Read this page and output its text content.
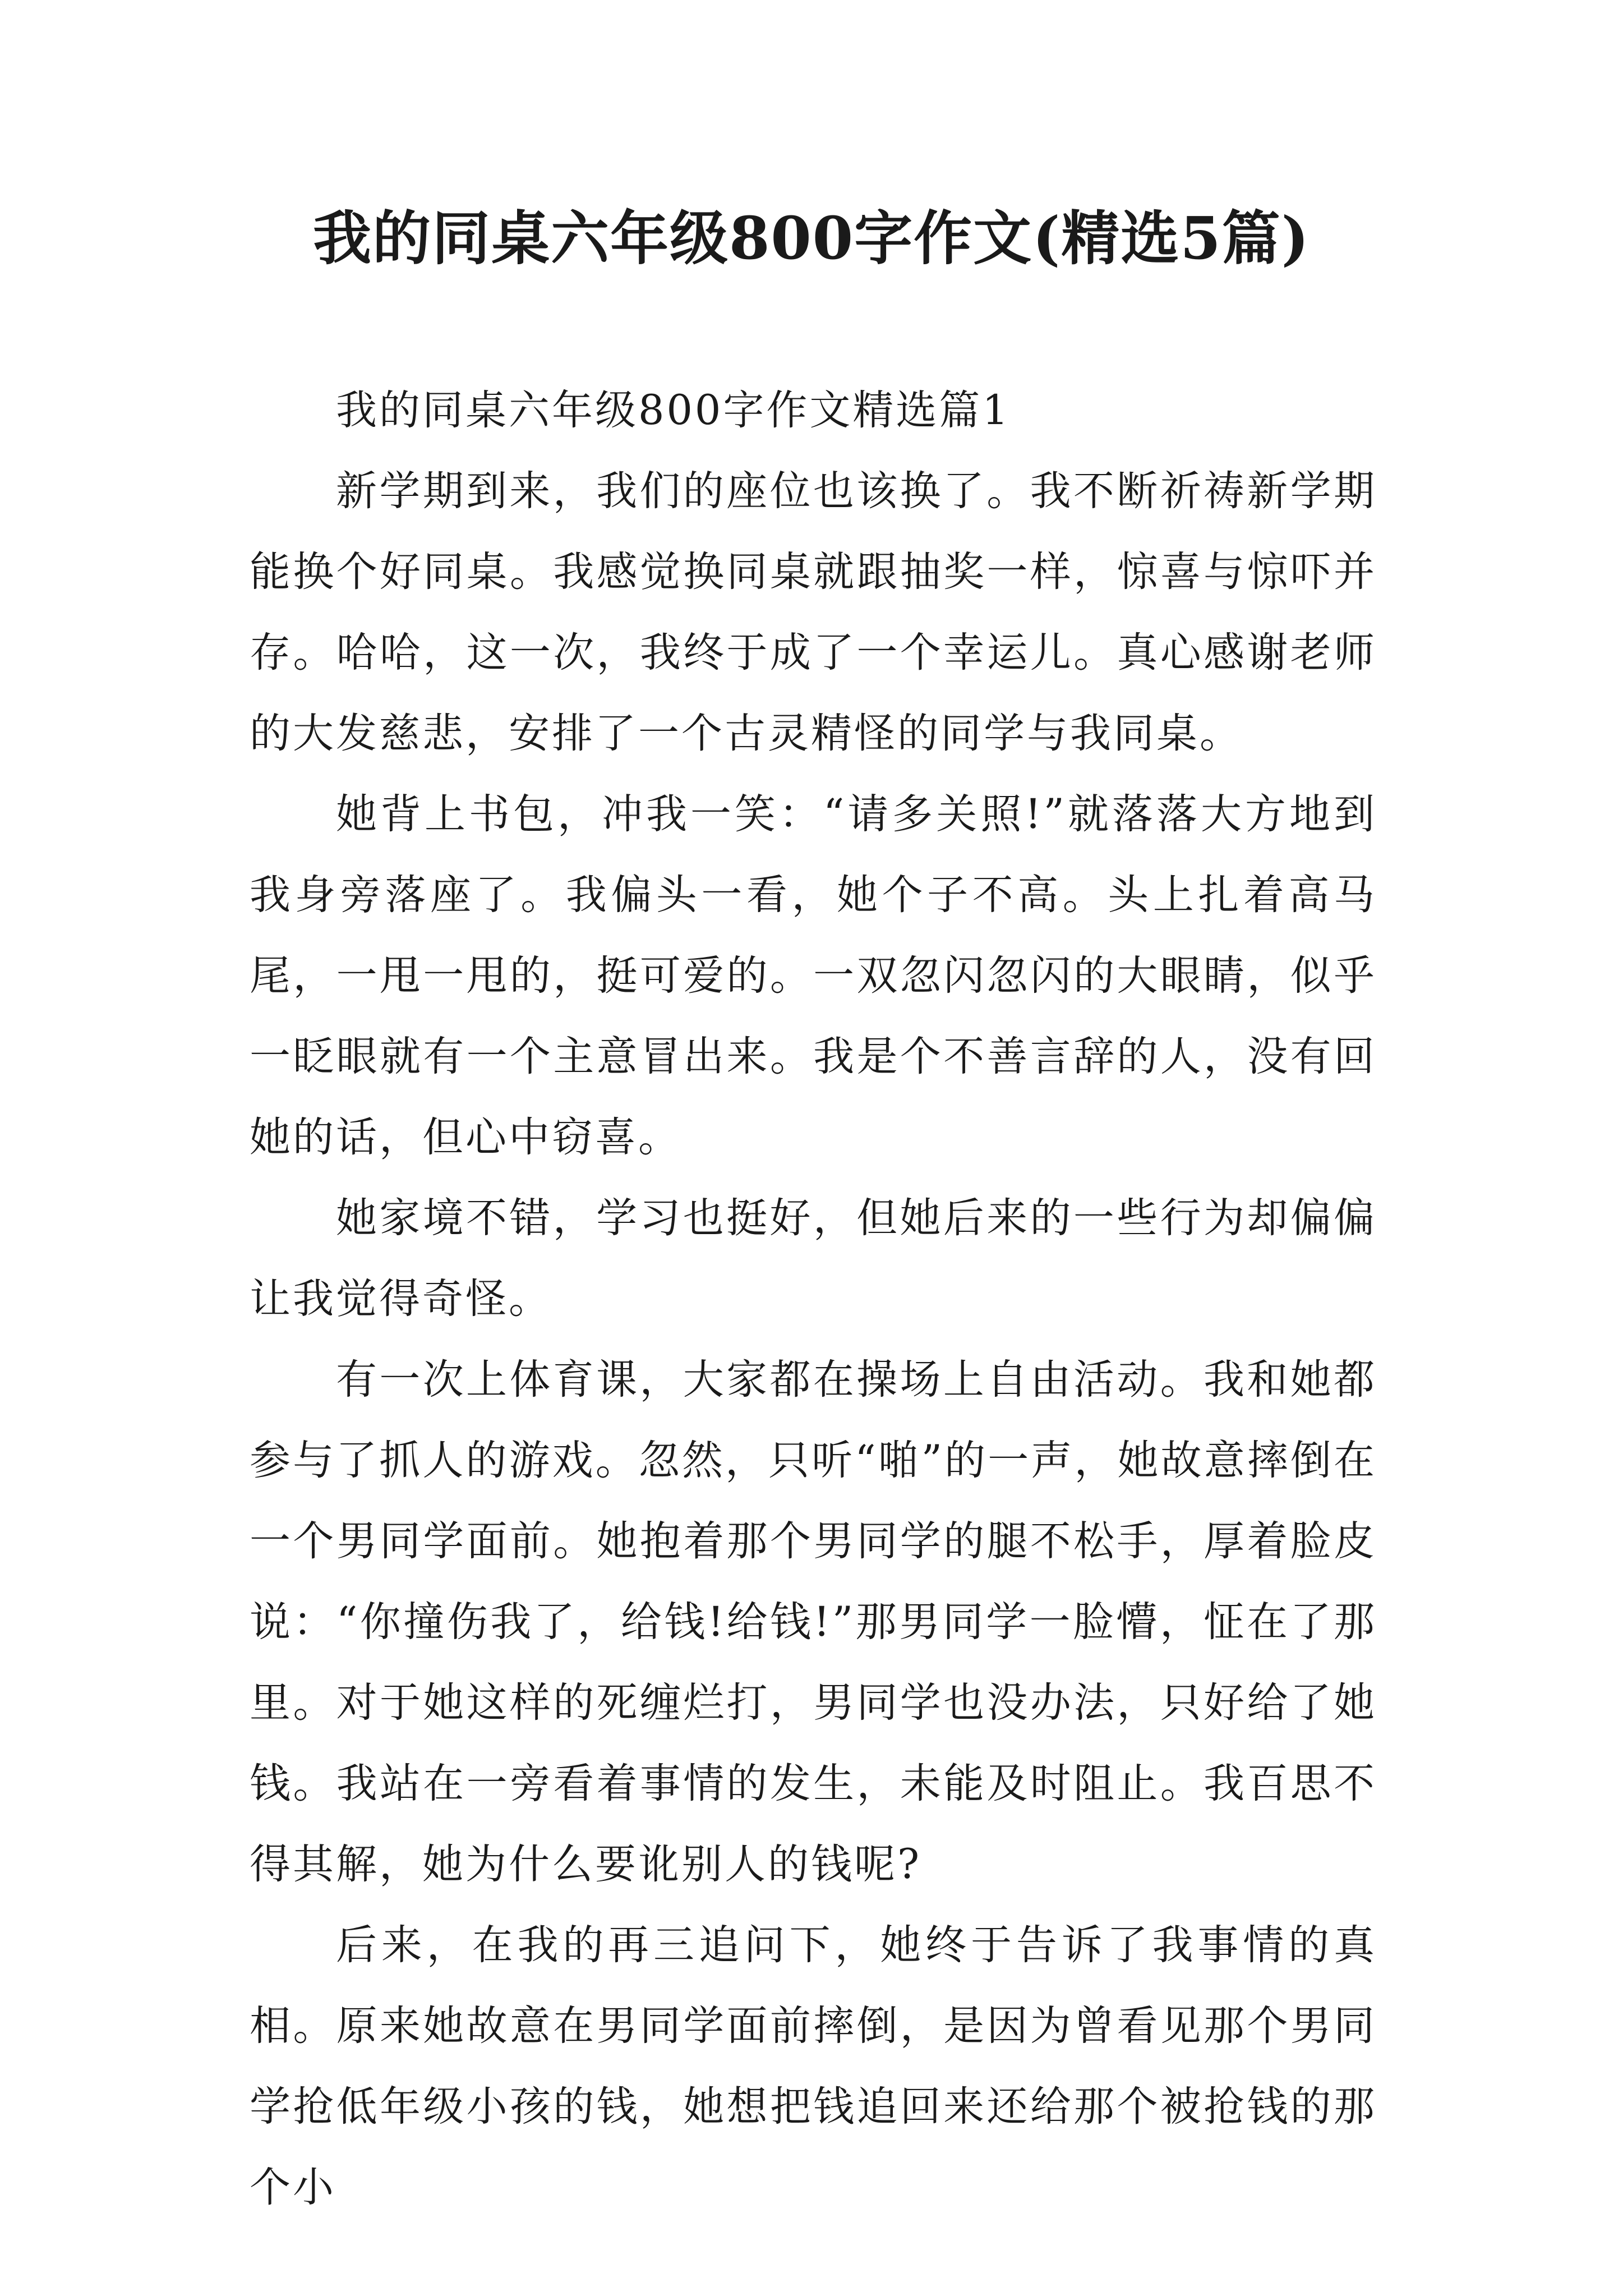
我的同桌六年级800字作文(精选5篇)

我的同桌六年级800字作文精选篇1

新学期到来，我们的座位也该换了。我不断祈祷新学期能换个好同桌。我感觉换同桌就跟抽奖一样，惊喜与惊吓并存。哈哈，这一次，我终于成了一个幸运儿。真心感谢老师的大发慈悲，安排了一个古灵精怪的同学与我同桌。

她背上书包，冲我一笑：“请多关照!”就落落大方地到我身旁落座了。我偏头一看，她个子不高。头上扎着高马尾，一甩一甩的，挺可爱的。一双忽闪忽闪的大眼睛，似乎一眨眼就有一个主意冒出来。我是个不善言辞的人，没有回她的话，但心中窃喜。

她家境不错，学习也挺好，但她后来的一些行为却偏偏让我觉得奇怪。

有一次上体育课，大家都在操场上自由活动。我和她都参与了抓人的游戏。忽然，只听“啪”的一声，她故意摔倒在一个男同学面前。她抱着那个男同学的腿不松手，厚着脸皮说：“你撞伤我了，给钱!给钱!”那男同学一脸懵，怔在了那里。对于她这样的死缠烂打，男同学也没办法，只好给了她钱。我站在一旁看着事情的发生，未能及时阻止。我百思不得其解，她为什么要讹别人的钱呢?

后来，在我的再三追问下，她终于告诉了我事情的真相。原来她故意在男同学面前摔倒，是因为曾看见那个男同学抢低年级小孩的钱，她想把钱追回来还给那个被抢钱的那个小
